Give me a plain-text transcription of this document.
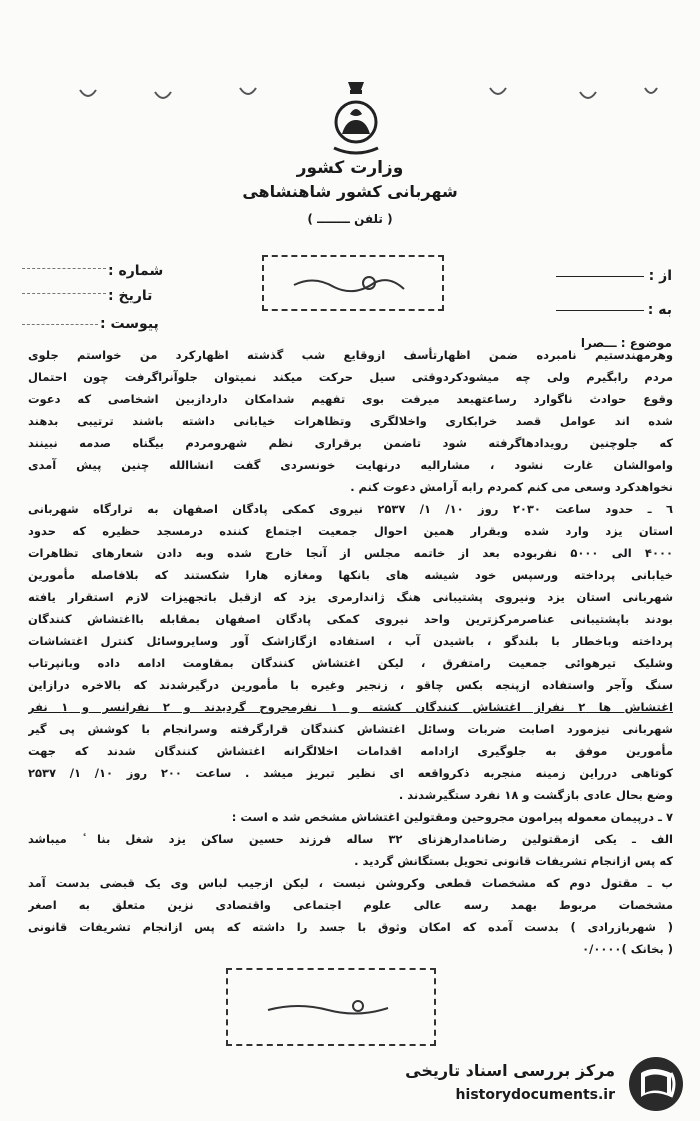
وزارت کشور
شهربانی کشور شاهنشاهی
( تلفن ــــــــ )
شماره :
تاریخ :
پیوست :
از :
به :
موضوع : ـــصرا
وهرمهندستیم نامبرده ضمن اظهارتأسف ازوقایع شب گذشته اظهارکرد من خواستم جلوی
مردم رابگیرم ولی چه میشودکردوقتی سیل حرکت میکند نمیتوان جلوآنراگرفت چون احتمال
وقوع حوادث ناگوارد رساعتهبعد میرفت بوی تفهیم شدامکان داردازبین اشخاصی که دعوت
شده اند عوامل قصد خرابکاری واخلالگری وتظاهرات خیابانی داشته باشند ترتیبی بدهند
که جلوچنین رویدادهاگرفته شود تاضمن برقراری نظم شهرومردم بیگناه صدمه نبینند
واموالشان غارت نشود ، مشارالیه درنهایت خونسردی گفت انشاالله چنین پیش آمدی
نخواهدکرد وسعی می کنم کمردم رابه آرامش دعوت کنم .
٦ ـ حدود ساعت ۲۰۳۰ روز ۱۰/ ۱/ ۲۵۳۷ نیروی کمکی پادگان اصفهان به ترارگاه شهربانی
استان یزد وارد شده وبقرار همین احوال جمعیت اجتماع کننده درمسجد حظیره که حدود
۴۰۰۰ الی ۵۰۰۰ نفربوده بعد از خاتمه مجلس از آنجا خارج شده وبه دادن شعارهای تظاهرات
خیابانی پرداخته ورسپس خود شیشه های بانکها ومغازه هارا شکستند که بلافاصله مأمورین
شهربانی استان یزد ونیروی پشتیبانی هنگ ژاندارمری یزد که ازقبل باتجهیزات لازم استقرار یافته
بودند باپشتیبانی عناصرمرکزترین واحد نیروی کمکی پادگان اصفهان بمقابله بااغتشاش کنندگان
پرداخته وباخطار با بلندگو ، باشیدن آب ، استفاده ازگازاشک آور وسایروسائل کنترل اغتشاشات
وشلیک تیرهوائی جمعیت رامتفرق ، لیکن اغتشاش کنندگان بمقاومت ادامه داده وبانپرتاب
سنگ وآجر واستفاده ازپنجه بکس چاقو ، زنجیر وغیره با مأمورین درگیرشدند که بالاخره درازاین
اغتشاش ها ۲ نفراز اغتشاش کنندگان کشته و ۱ نفرمجروح گردیدند و ۲ نفرانسر و ۱ نفر
شهربانی نیزمورد اصابت ضربات وسائل اغتشاش کنندگان قرارگرفته وسرانجام با کوشش پی گیر
مأمورین موفق به جلوگیری ازادامه اقدامات اخلالگرانه اغتشاش کنندگان شدند که جهت
کوتاهی درراین زمینه منجربه ذکرواقعه ای نظیر تبریز میشد . ساعت ۲۰۰ روز ۱۰/ ۱/ ۲۵۳۷
وضع بحال عادی بازگشت و ۱۸ نفرد ستگیرشدند .
۷ ـ درپیمان معموله پیرامون مجروحین ومقتولین اغتشاش مشخص شد ه است :
الف ـ یکی ازمقتولین رضانامدارهزنای ۳۲ ساله فرزند حسین ساکن یزد شغل بنا ٔ میباشد
که پس ازانجام تشریفات قانونی تحویل بستگانش گردید .
ب ـ مقتول دوم که مشخصات قطعی وکروشن نیست ، لیکن ازجیب لباس وی یک قبضی بدست آمد
مشخصات مربوط بهمد رسه عالی علوم اجتماعی واقتصادی نزین متعلق به اصغر
( شهربازرادی ) بدست آمده که امکان وثوق با جسد را داشته که پس ازانجام تشریفات قانونی
( بخانک )۰/۰۰۰۰
مرکز بررسی اسناد تاریخی
historydocuments.ir
